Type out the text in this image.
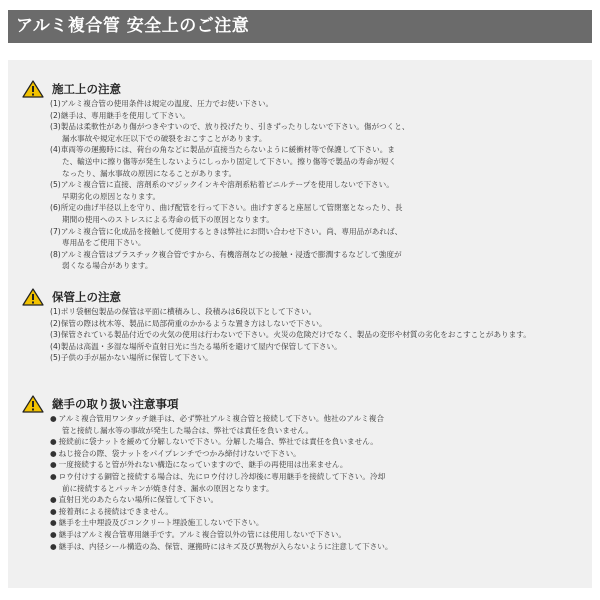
アルミ複合管 安全上のご注意
施工上の注意
(1)アルミ複合管の使用条件は規定の温度、圧力でお使い下さい。
(2)継手は、専用継手を使用して下さい。
(3)製品は柔軟性があり傷がつきやすいので、放り投げたり、引きずったりしないで下さい。傷がつくと、
漏水事故や規定水圧以下での破裂をおこすことがあります。
(4)車両等の運搬時には、荷台の角などに製品が直接当たらないように緩衝材等で保護して下さい。ま
た、輸送中に擦り傷等が発生しないようにしっかり固定して下さい。擦り傷等で製品の寿命が短く
なったり、漏水事故の原因になることがあります。
(5)アルミ複合管に直接、溶剤系のマジックインキや溶剤系粘着ビニルテープを使用しないで下さい。
早期劣化の原因となります。
(6)所定の曲げ半径以上を守り、曲げ配管を行って下さい。曲げすぎると座屈して管閉塞となったり、長
期間の使用へのストレスによる寿命の低下の原因となります。
(7)アルミ複合管に化成品を接触して使用するときは弊社にお問い合わせ下さい。尚、専用品があれば、
専用品をご使用下さい。
(8)アルミ複合管はプラスチック複合管ですから、有機溶剤などの接触・浸透で膨潤するなどして強度が
弱くなる場合があります。
保管上の注意
(1)ポリ袋梱包製品の保管は平面に横積みし、段積みは6段以下として下さい。
(2)保管の際は枕木等、製品に局部荷重のかかるような置き方はしないで下さい。
(3)保管されている製品付近での火気の使用は行わないで下さい。火災の危険だけでなく、製品の変形や材質の劣化をおこすことがあります。
(4)製品は高温・多湿な場所や直射日光に当たる場所を避けて屋内で保管して下さい。
(5)子供の手が届かない場所に保管して下さい。
継手の取り扱い注意事項
● アルミ複合管用ワンタッチ継手は、必ず弊社アルミ複合管と接続して下さい。他社のアルミ複合
管と接続し漏水等の事故が発生した場合は、弊社では責任を負いません。
● 接続前に袋ナットを緩めて分解しないで下さい。分解した場合、弊社では責任を負いません。
● ねじ接合の際、袋ナットをパイプレンチでつかみ締付けないで下さい。
● 一度接続すると管が外れない構造になっていますので、継手の再使用は出来ません。
● ロウ付けする銅管と接続する場合は、先にロウ付けし冷却後に専用継手を接続して下さい。冷却
前に接続するとパッキンが焼き付き、漏水の原因となります。
● 直射日光のあたらない場所に保管して下さい。
● 接着剤による接続はできません。
● 継手を土中埋設及びコンクリート埋設施工しないで下さい。
● 継手はアルミ複合管専用継手です。アルミ複合管以外の管には使用しないで下さい。
● 継手は、内径シール構造の為、保管、運搬時にはキズ及び異物が入らないように注意して下さい。
